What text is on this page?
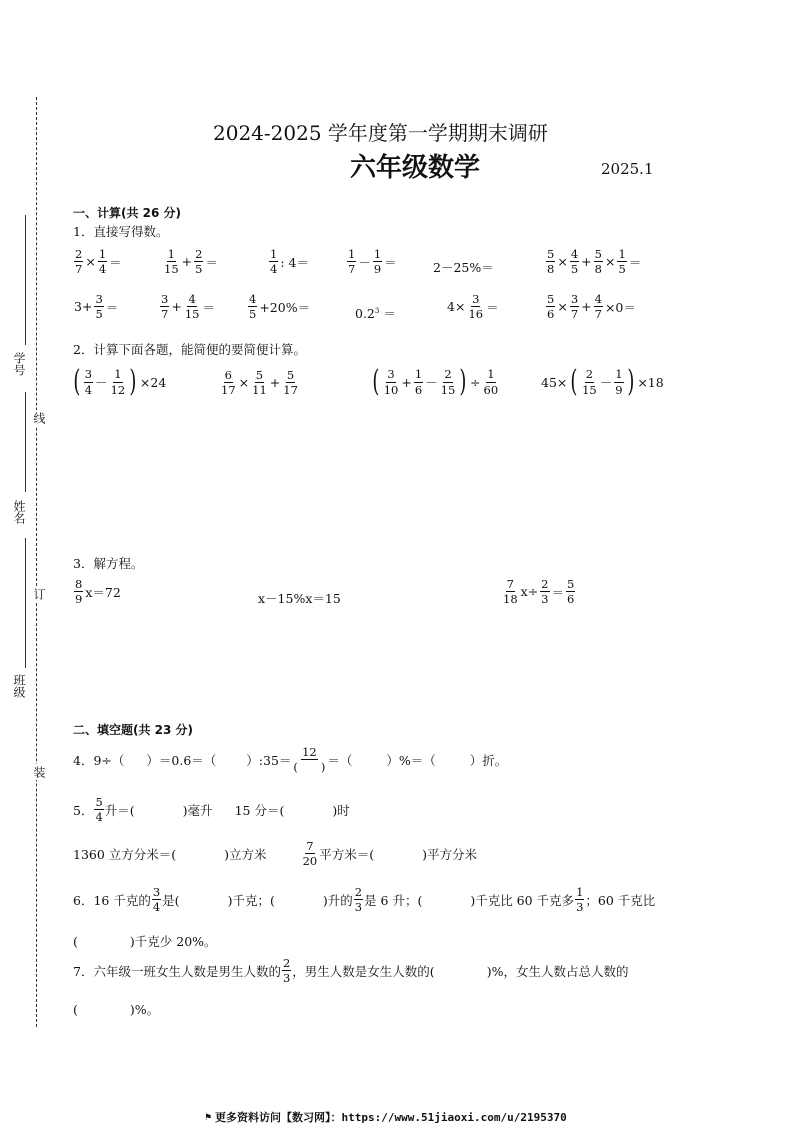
学号
姓名
班级
线
订
装
2024-2025 学年度第一学期期末调研
六年级数学	2025.1
一、计算(共 26 分)
1．直接写得数。
$\frac{2}{7} \times \frac{1}{4}$ ＝	$\frac{1}{15} + \frac{2}{5}$ ＝	$\frac{1}{4}$ : 4＝	$\frac{1}{7} - \frac{1}{9}$ ＝	2－25%＝	$\frac{5}{8} \times \frac{4}{5} + \frac{5}{8} \times \frac{1}{5}$ ＝
$3+ \frac{3}{5}$ ＝	$\frac{3}{7} + \frac{4}{15}$ ＝	$\frac{4}{5} +20\%=$	$0.2^3$ ＝	$4\times \frac{3}{16}$ ＝	$\frac{5}{6} \times \frac{3}{7} + \frac{4}{7} \times 0=$
2．计算下面各题，能简便的要简便计算。
( $\frac{3}{4} - \frac{1}{12}$ ) ×24	$\frac{6}{17} \times \frac{5}{11} + \frac{5}{17}$ ( $\frac{3}{10} + \frac{1}{6} - \frac{2}{15}$ ) ÷ $\frac{1}{60}$	45× ( $\frac{2}{15} - \frac{1}{9}$ ) ×18
3．解方程。
$\frac{8}{9} x=72$	x－15%x＝15	$\frac{7}{18} x\div \frac{2}{3} = \frac{5}{6}$
二、填空题(共 23 分)
4．9÷（ ）＝0.6＝（ ）:35＝ $\frac{12}{( )}$ ＝（	）%＝（	）折。
5． $\frac{5}{4}$ 升＝(	)毫升 15 分＝(	)时
1360 立方分米＝(	)立方米	$\frac{7}{20}$ 平方米＝(	)平方分米
6．16 千克的 $\frac{3}{4}$ 是(	)千克；(	)升的 $\frac{2}{3}$ 是 6 升；(	)千克比 60 千克多 $\frac{1}{3}$ ；60 千克比
(	)千克少 20%。
7．六年级一班女生人数是男生人数的 $\frac{2}{3}$ ，男生人数是女生人数的(	)%，女生人数占总人数的
(	)%。
⚑ 更多资料访问【数习网】：https://www.51jiaoxi.com/u/2195370
